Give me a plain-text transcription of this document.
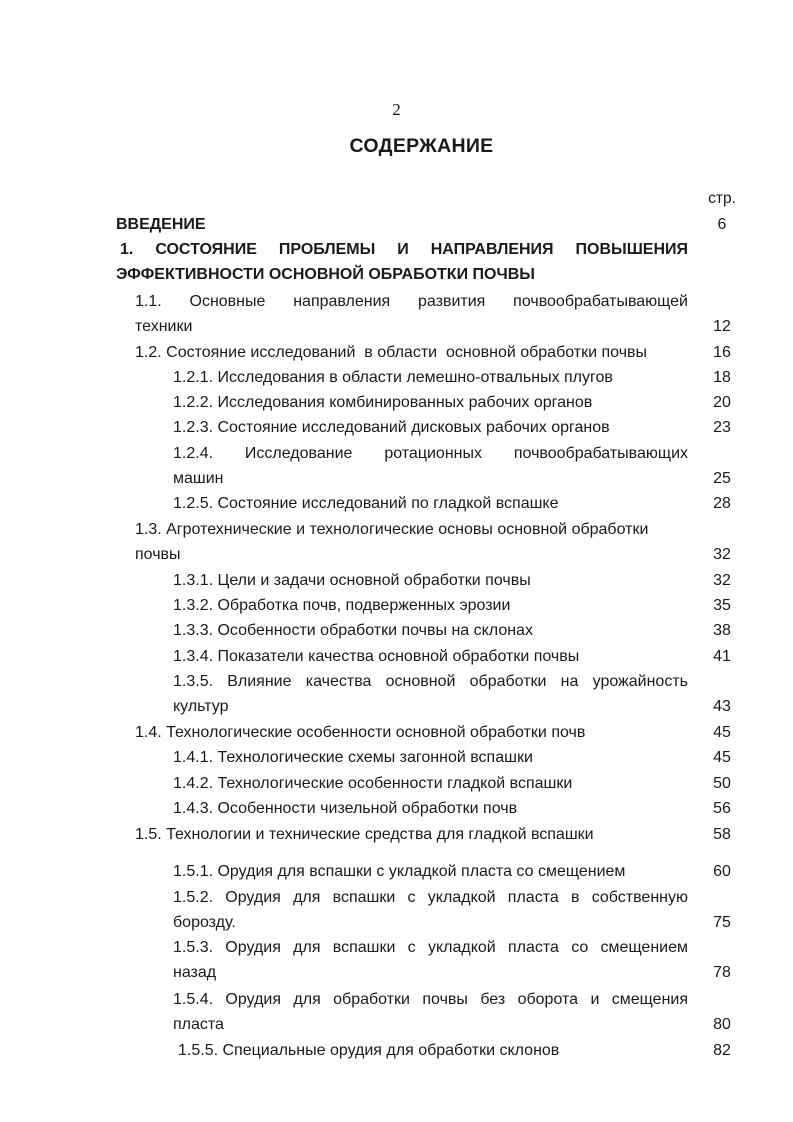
2
СОДЕРЖАНИЕ
стр.
ВВЕДЕНИЕ	6
1. СОСТОЯНИЕ ПРОБЛЕМЫ И НАПРАВЛЕНИЯ ПОВЫШЕНИЯ
ЭФФЕКТИВНОСТИ ОСНОВНОЙ ОБРАБОТКИ ПОЧВЫ
1.1. Основные направления развития почвообрабатывающей
техники	12
1.2. Состояние исследований  в области  основной обработки почвы	16
1.2.1. Исследования в области лемешно-отвальных плугов	18
1.2.2. Исследования комбинированных рабочих органов	20
1.2.3. Состояние исследований дисковых рабочих органов	23
1.2.4. Исследование ротационных почвообрабатывающих
машин	25
1.2.5. Состояние исследований по гладкой вспашке	28
1.3. Агротехнические и технологические основы основной обработки
почвы	32
1.3.1. Цели и задачи основной обработки почвы	32
1.3.2. Обработка почв, подверженных эрозии	35
1.3.3. Особенности обработки почвы на склонах	38
1.3.4. Показатели качества основной обработки почвы	41
1.3.5. Влияние качества основной обработки на урожайность
культур	43
1.4. Технологические особенности основной обработки почв	45
1.4.1. Технологические схемы загонной вспашки	45
1.4.2. Технологические особенности гладкой вспашки	50
1.4.3. Особенности чизельной обработки почв	56
1.5. Технологии и технические средства для гладкой вспашки	58
1.5.1. Орудия для вспашки с укладкой пласта со смещением	60
1.5.2. Орудия для вспашки с укладкой пласта в собственную
борозду.	75
1.5.3. Орудия для вспашки с укладкой пласта со смещением
назад	78
1.5.4. Орудия для обработки почвы без оборота и смещения
пласта	80
1.5.5. Специальные орудия для обработки склонов	82
